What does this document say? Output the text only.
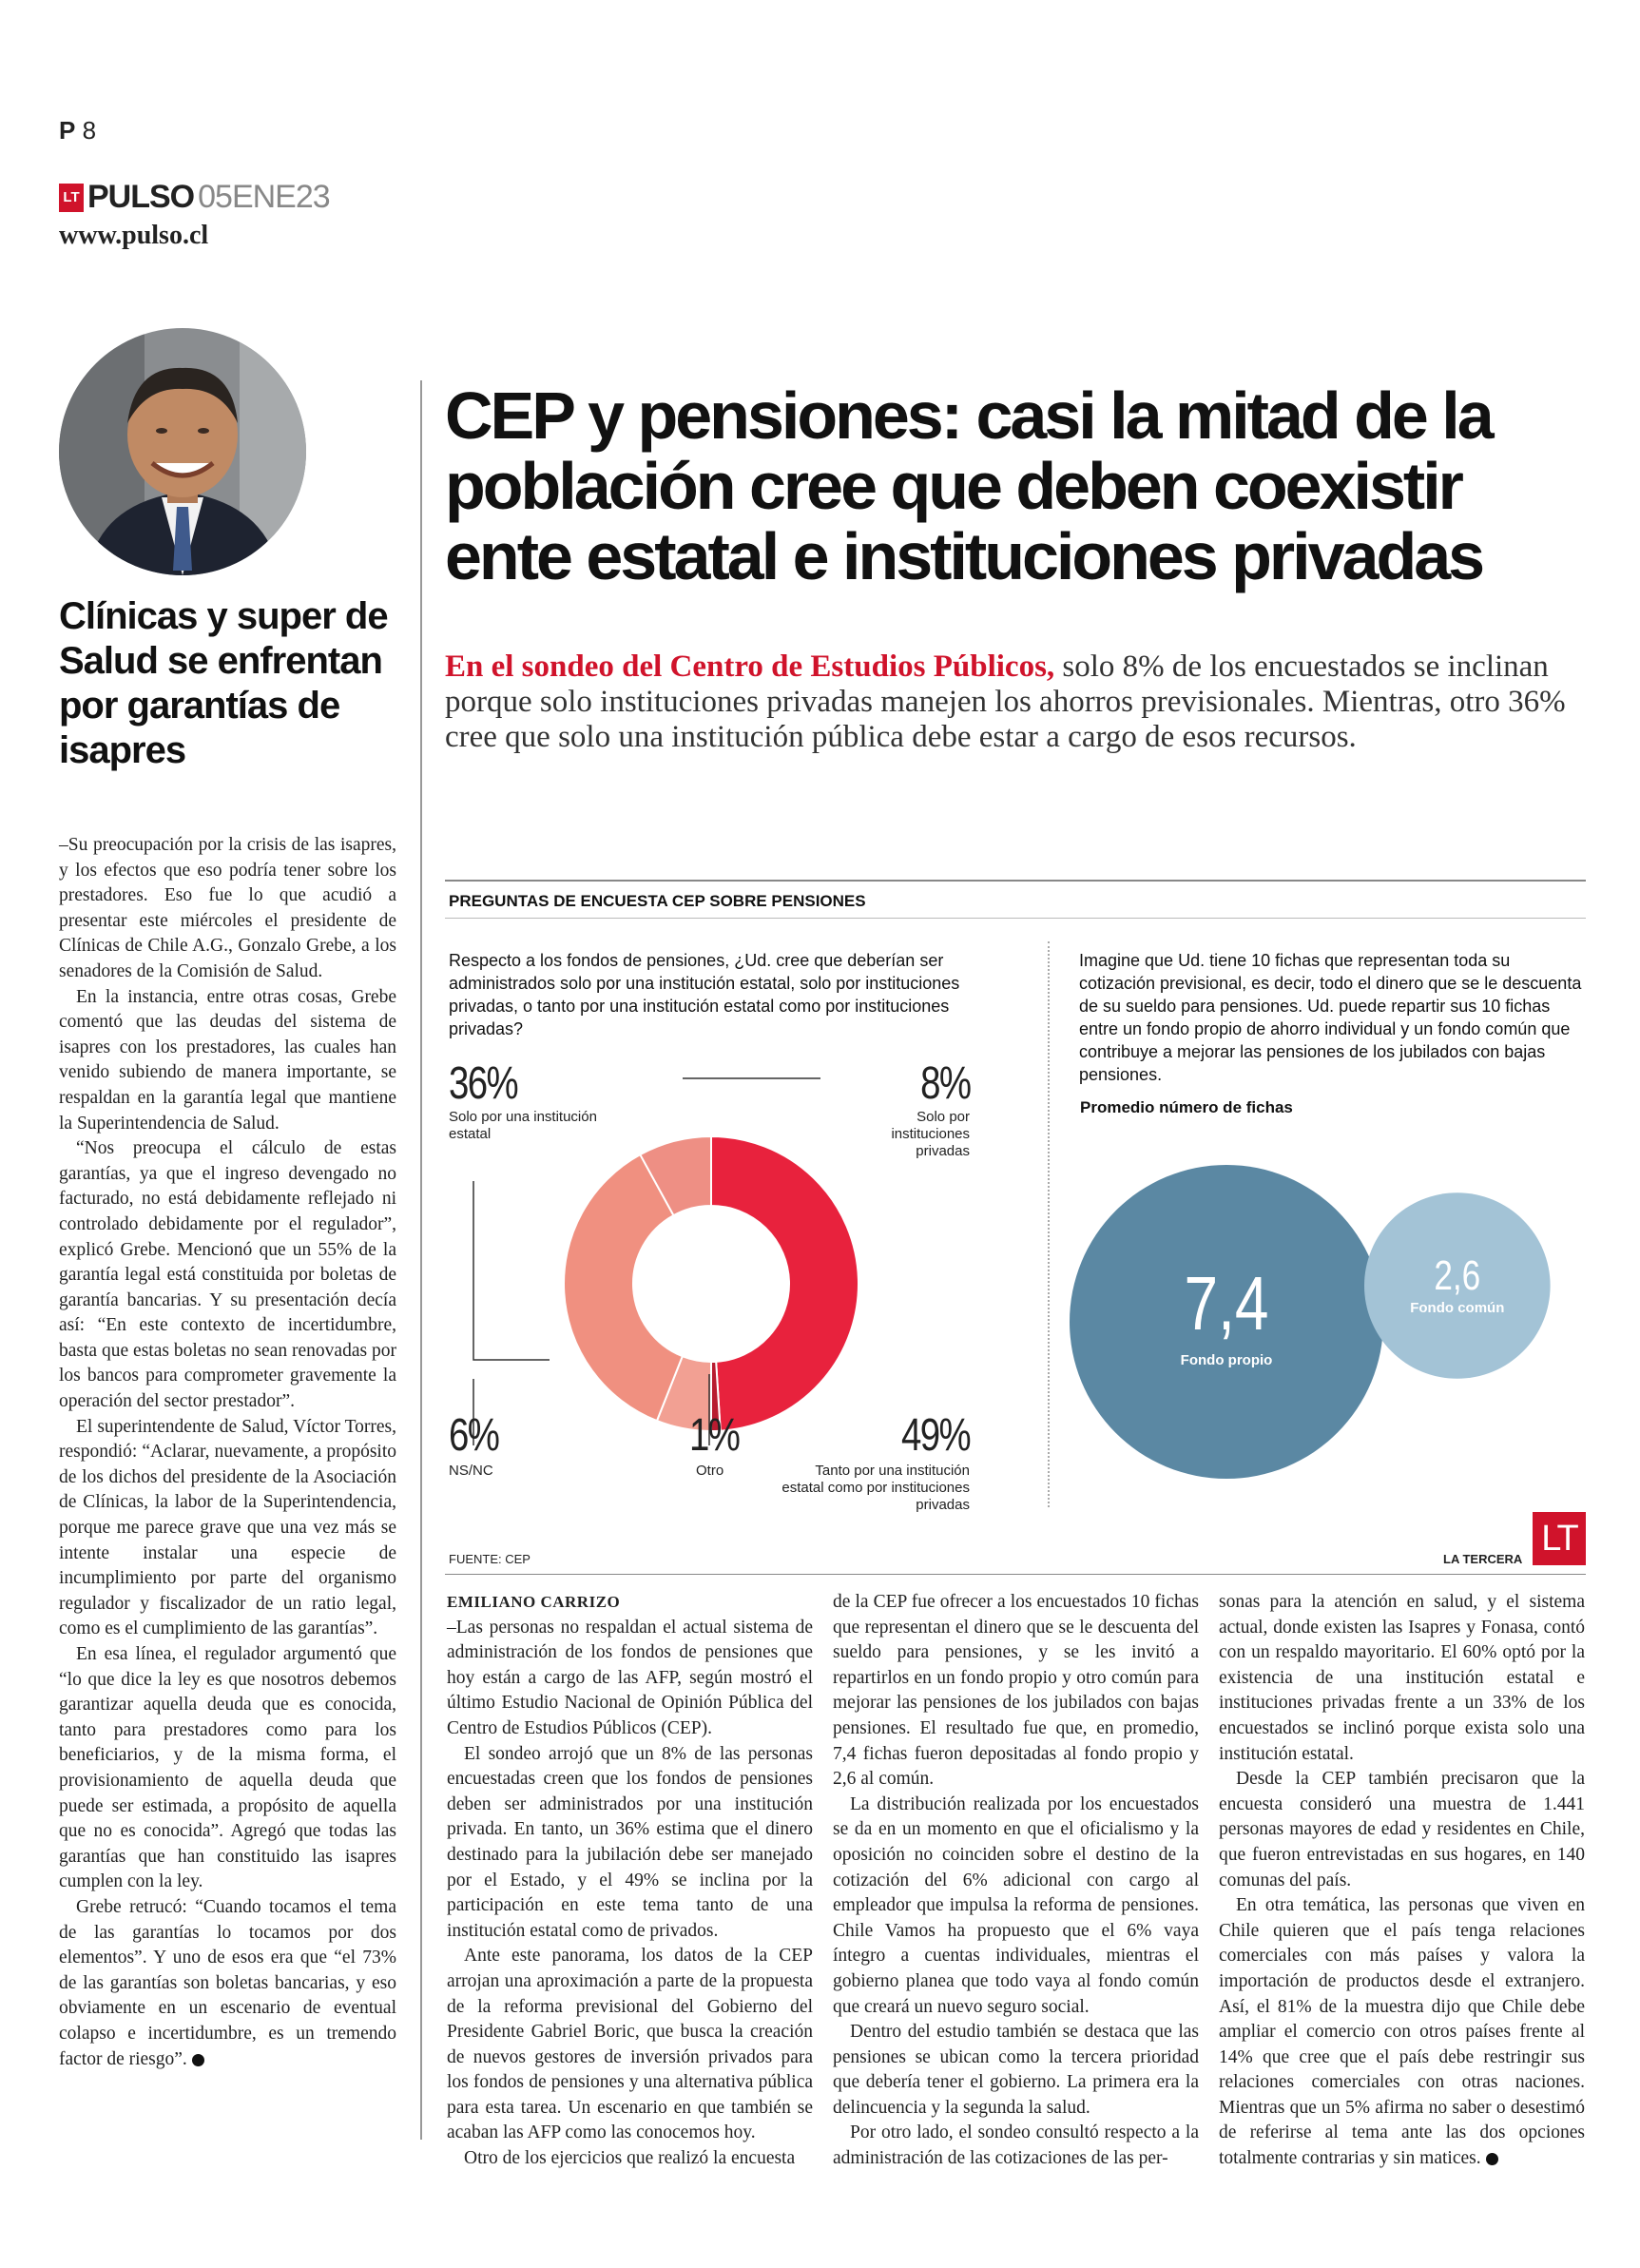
P 8
LT PULSO 05ENE23
www.pulso.cl
Clínicas y super de Salud se enfrentan por garantías de isapres

–Su preocupación por la crisis de las isapres, y los efectos que eso podría tener sobre los prestadores. Eso fue lo que acudió a presentar este miércoles el presidente de Clínicas de Chile A.G., Gonzalo Grebe, a los senadores de la Comisión de Salud.

En la instancia, entre otras cosas, Grebe comentó que las deudas del sistema de isapres con los prestadores, las cuales han venido subiendo de manera importante, se respaldan en la garantía legal que mantiene la Superintendencia de Salud.

“Nos preocupa el cálculo de estas garantías, ya que el ingreso devengado no facturado, no está debidamente reflejado ni controlado debidamente por el regulador”, explicó Grebe. Mencionó que un 55% de la garantía legal está constituida por boletas de garantía bancarias. Y su presentación decía así: “En este contexto de incertidumbre, basta que estas boletas no sean renovadas por los bancos para comprometer gravemente la operación del sector prestador”.

El superintendente de Salud, Víctor Torres, respondió: “Aclarar, nuevamente, a propósito de los dichos del presidente de la Asociación de Clínicas, la labor de la Superintendencia, porque me parece grave que una vez más se intente instalar una especie de incumplimiento por parte del organismo regulador y fiscalizador de un ratio legal, como es el cumplimiento de las garantías”.

En esa línea, el regulador argumentó que “lo que dice la ley es que nosotros debemos garantizar aquella deuda que es conocida, tanto para prestadores como para los beneficiarios, y de la misma forma, el provisionamiento de aquella deuda que puede ser estimada, a propósito de aquella que no es conocida”. Agregó que todas las garantías que han constituido las isapres cumplen con la ley.

Grebe retrucó: “Cuando tocamos el tema de las garantías lo tocamos por dos elementos”. Y uno de esos era que “el 73% de las garantías son boletas bancarias, y eso obviamente en un escenario de eventual colapso e incertidumbre, es un tremendo factor de riesgo”.	P

CEP y pensiones: casi la mitad de la población cree que deben coexistir ente estatal e instituciones privadas
En el sondeo del Centro de Estudios Públicos, solo 8% de los encuestados se inclinan porque solo instituciones privadas manejen los ahorros previsionales. Mientras, otro 36% cree que solo una institución pública debe estar a cargo de esos recursos.
PREGUNTAS DE ENCUESTA CEP SOBRE PENSIONES
Respecto a los fondos de pensiones, ¿Ud. cree que deberían ser administrados solo por una institución estatal, solo por instituciones privadas, o tanto por una institución estatal como por instituciones privadas?
Imagine que Ud. tiene 10 fichas que representan toda su cotización previsional, es decir, todo el dinero que se le descuenta de su sueldo para pensiones. Ud. puede repartir sus 10 fichas entre un fondo propio de ahorro individual y un fondo común que contribuye a mejorar las pensiones de los jubilados con bajas pensiones.
36%
Solo por una institución estatal
8%
Solo por instituciones privadas
6%
NS/NC
1%
Otro
49%
Tanto por una institución estatal como por instituciones privadas
Promedio número de fichas
7,4
Fondo propio
2,6
Fondo común
FUENTE: CEP	LA TERCERA
LT
EMILIANO CARRIZO

–Las personas no respaldan el actual sistema de administración de los fondos de pensiones que hoy están a cargo de las AFP, según mostró el último Estudio Nacional de Opinión Pública del Centro de Estudios Públicos (CEP).

El sondeo arrojó que un 8% de las personas encuestadas creen que los fondos de pensiones deben ser administrados por una institución privada. En tanto, un 36% estima que el dinero destinado para la jubilación debe ser manejado por el Estado, y el 49% se inclina por la participación en este tema tanto de una institución estatal como de privados.

Ante este panorama, los datos de la CEP arrojan una aproximación a parte de la propuesta de la reforma previsional del Gobierno del Presidente Gabriel Boric, que busca la creación de nuevos gestores de inversión privados para los fondos de pensiones y una alternativa pública para esta tarea. Un escenario en que también se acaban las AFP como las conocemos hoy.

Otro de los ejercicios que realizó la encuesta

de la CEP fue ofrecer a los encuestados 10 fichas que representan el dinero que se le descuenta del sueldo para pensiones, y se les invitó a repartirlos en un fondo propio y otro común para mejorar las pensiones de los jubilados con bajas pensiones. El resultado fue que, en promedio, 7,4 fichas fueron depositadas al fondo propio y 2,6 al común.

La distribución realizada por los encuestados se da en un momento en que el oficialismo y la oposición no coinciden sobre el destino de la cotización del 6% adicional con cargo al empleador que impulsa la reforma de pensiones. Chile Vamos ha propuesto que el 6% vaya íntegro a cuentas individuales, mientras el gobierno planea que todo vaya al fondo común que creará un nuevo seguro social.

Dentro del estudio también se destaca que las pensiones se ubican como la tercera prioridad que debería tener el gobierno. La primera era la delincuencia y la segunda la salud.

Por otro lado, el sondeo consultó respecto a la administración de las cotizaciones de las per-

sonas para la atención en salud, y el sistema actual, donde existen las Isapres y Fonasa, contó con un respaldo mayoritario. El 60% optó por la existencia de una institución estatal e instituciones privadas frente a un 33% de los encuestados se inclinó porque exista solo una institución estatal.

Desde la CEP también precisaron que la encuesta consideró una muestra de 1.441 personas mayores de edad y residentes en Chile, que fueron entrevistadas en sus hogares, en 140 comunas del país.

En otra temática, las personas que viven en Chile quieren que el país tenga relaciones comerciales con más países y valora la importación de productos desde el extranjero. Así, el 81% de la muestra dijo que Chile debe ampliar el comercio con otros países frente al 14% que cree que el país debe restringir sus relaciones comerciales con otras naciones. Mientras que un 5% afirma no saber o desestimó de referirse al tema ante las dos opciones totalmente contrarias y sin matices.	P
